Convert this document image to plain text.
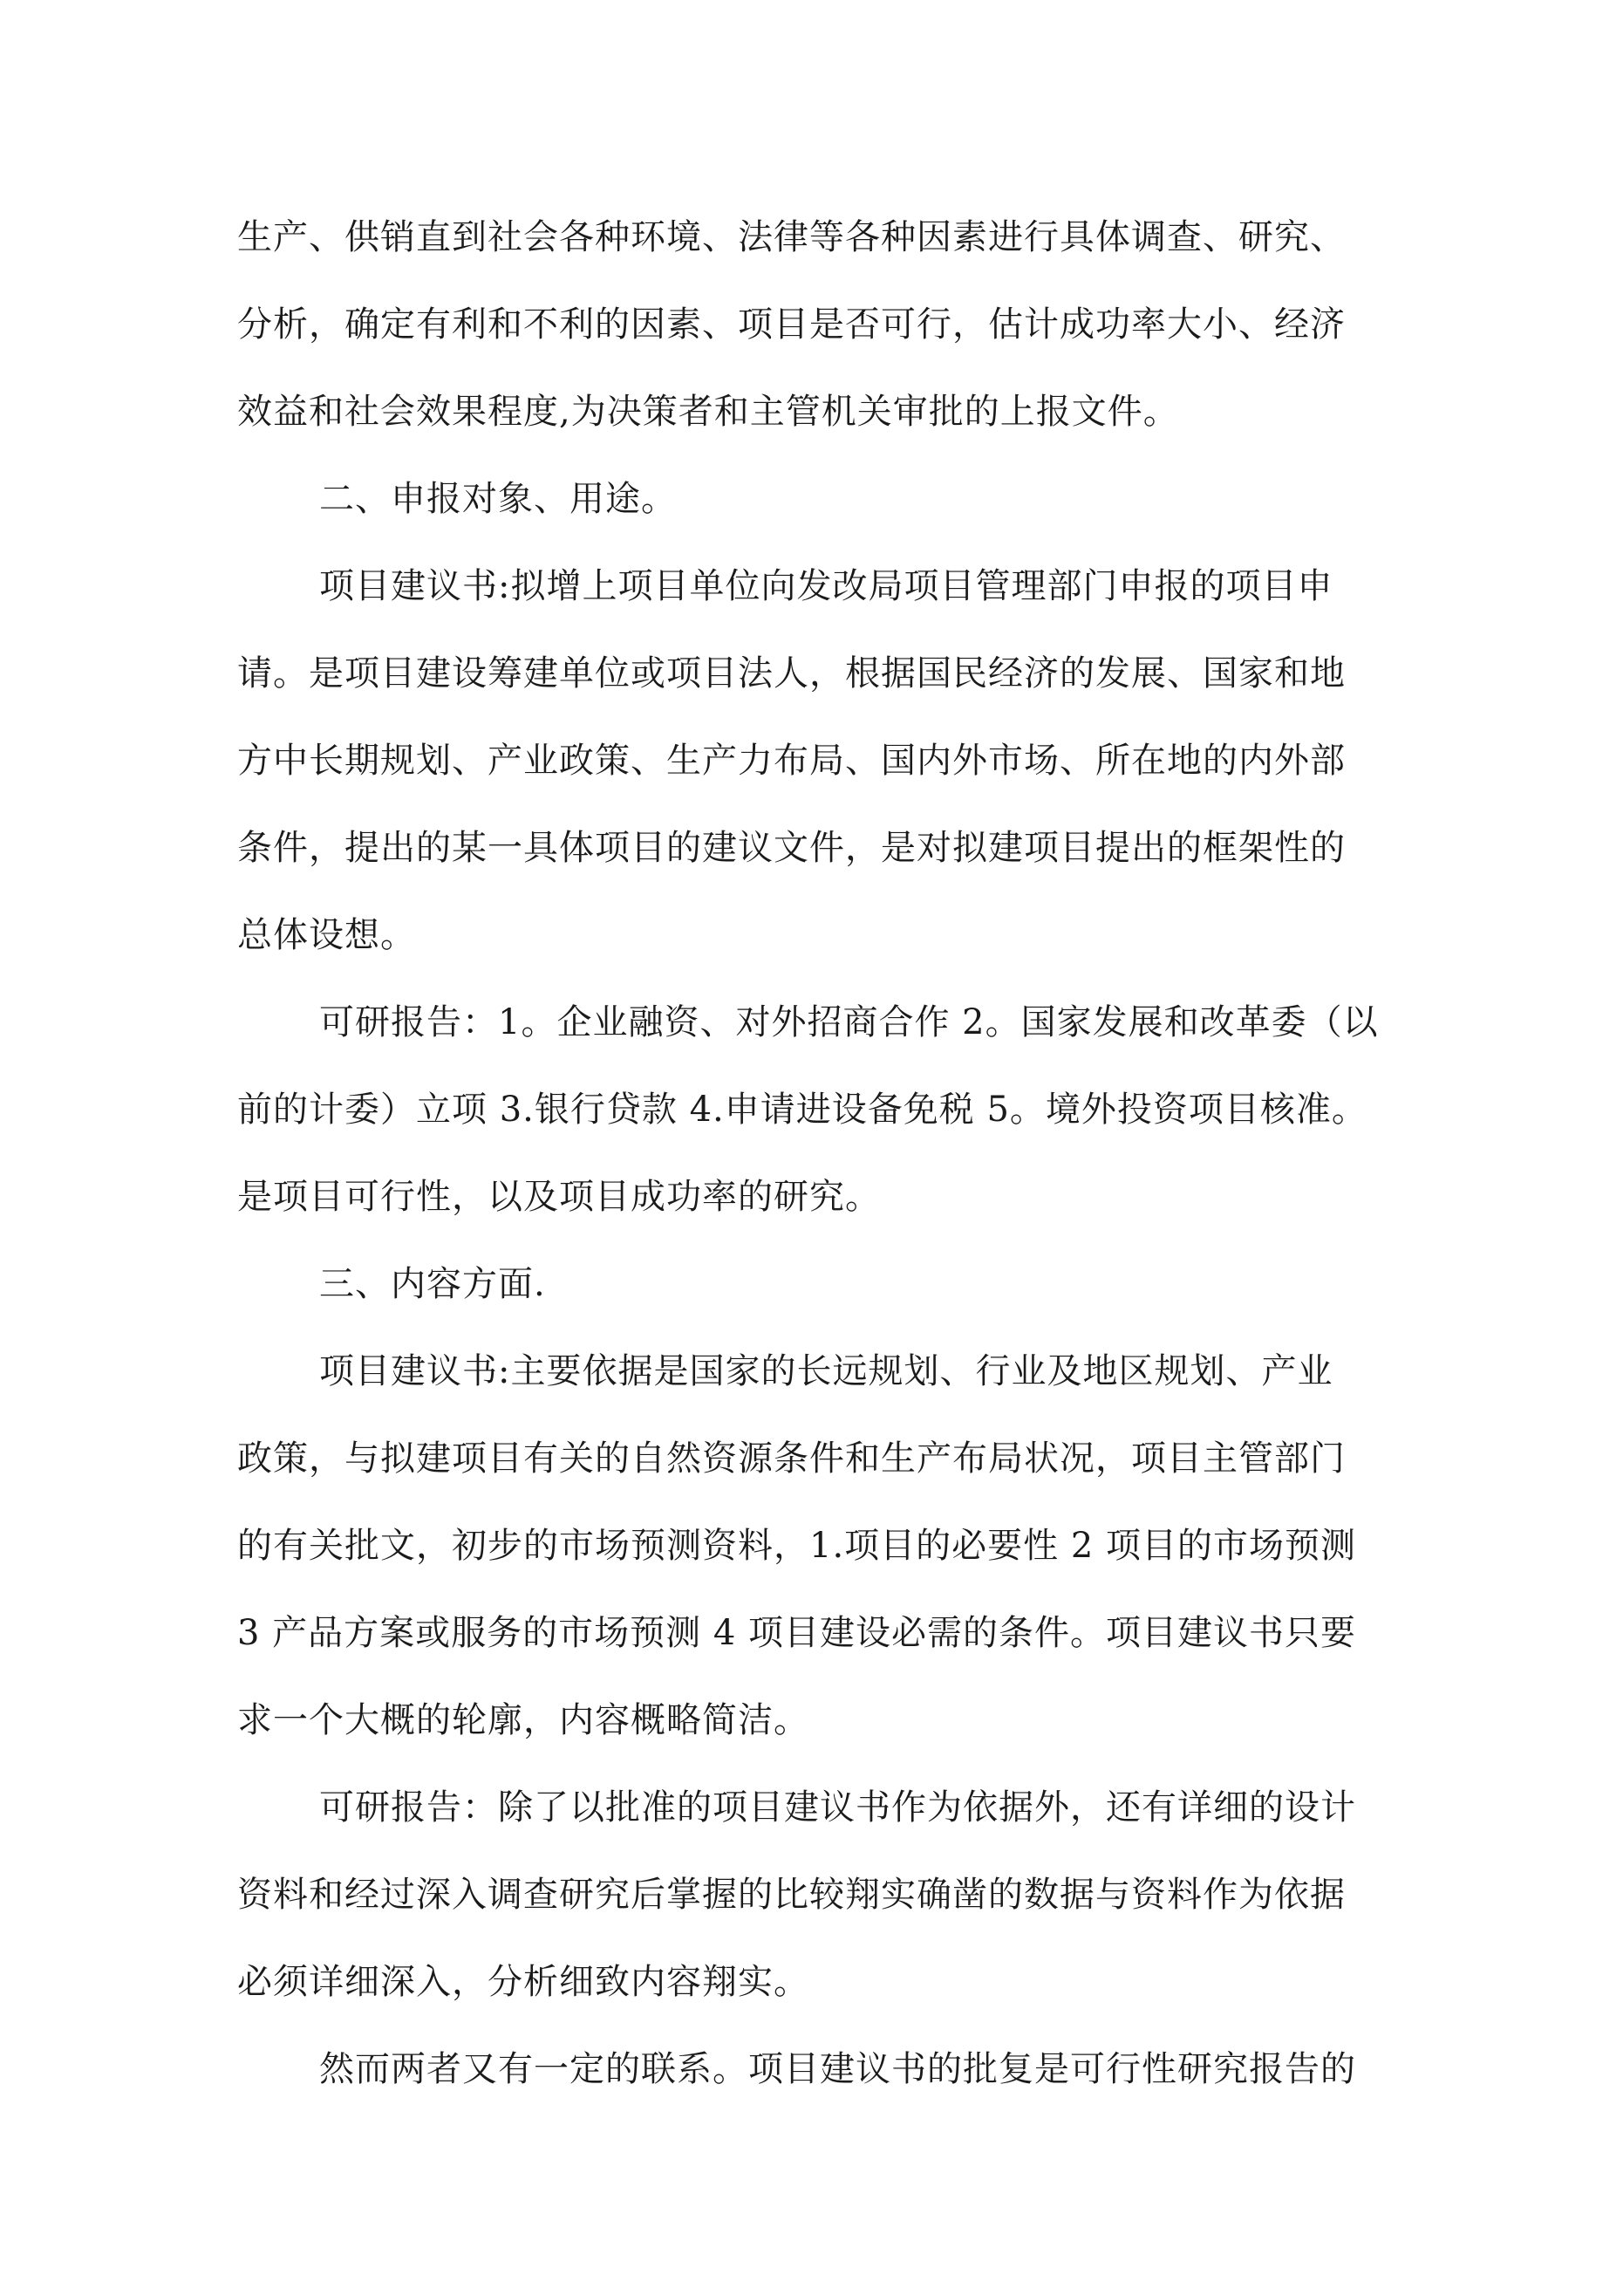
生产、供销直到社会各种环境、法律等各种因素进行具体调查、研究、
分析，确定有利和不利的因素、项目是否可行，估计成功率大小、经济
效益和社会效果程度,为决策者和主管机关审批的上报文件。
二、申报对象、用途。
项目建议书:拟增上项目单位向发改局项目管理部门申报的项目申
请。是项目建设筹建单位或项目法人，根据国民经济的发展、国家和地
方中长期规划、产业政策、生产力布局、国内外市场、所在地的内外部
条件，提出的某一具体项目的建议文件，是对拟建项目提出的框架性的
总体设想。
可研报告：1。企业融资、对外招商合作 2。国家发展和改革委（以
前的计委）立项 3.银行贷款 4.申请进设备免税 5。境外投资项目核准。
是项目可行性，以及项目成功率的研究。
三、内容方面.
项目建议书:主要依据是国家的长远规划、行业及地区规划、产业
政策，与拟建项目有关的自然资源条件和生产布局状况，项目主管部门
的有关批文，初步的市场预测资料，1.项目的必要性 2 项目的市场预测
3 产品方案或服务的市场预测 4 项目建设必需的条件。项目建议书只要
求一个大概的轮廓，内容概略简洁。
可研报告：除了以批准的项目建议书作为依据外，还有详细的设计
资料和经过深入调查研究后掌握的比较翔实确凿的数据与资料作为依据
必须详细深入，分析细致内容翔实。
然而两者又有一定的联系。项目建议书的批复是可行性研究报告的
